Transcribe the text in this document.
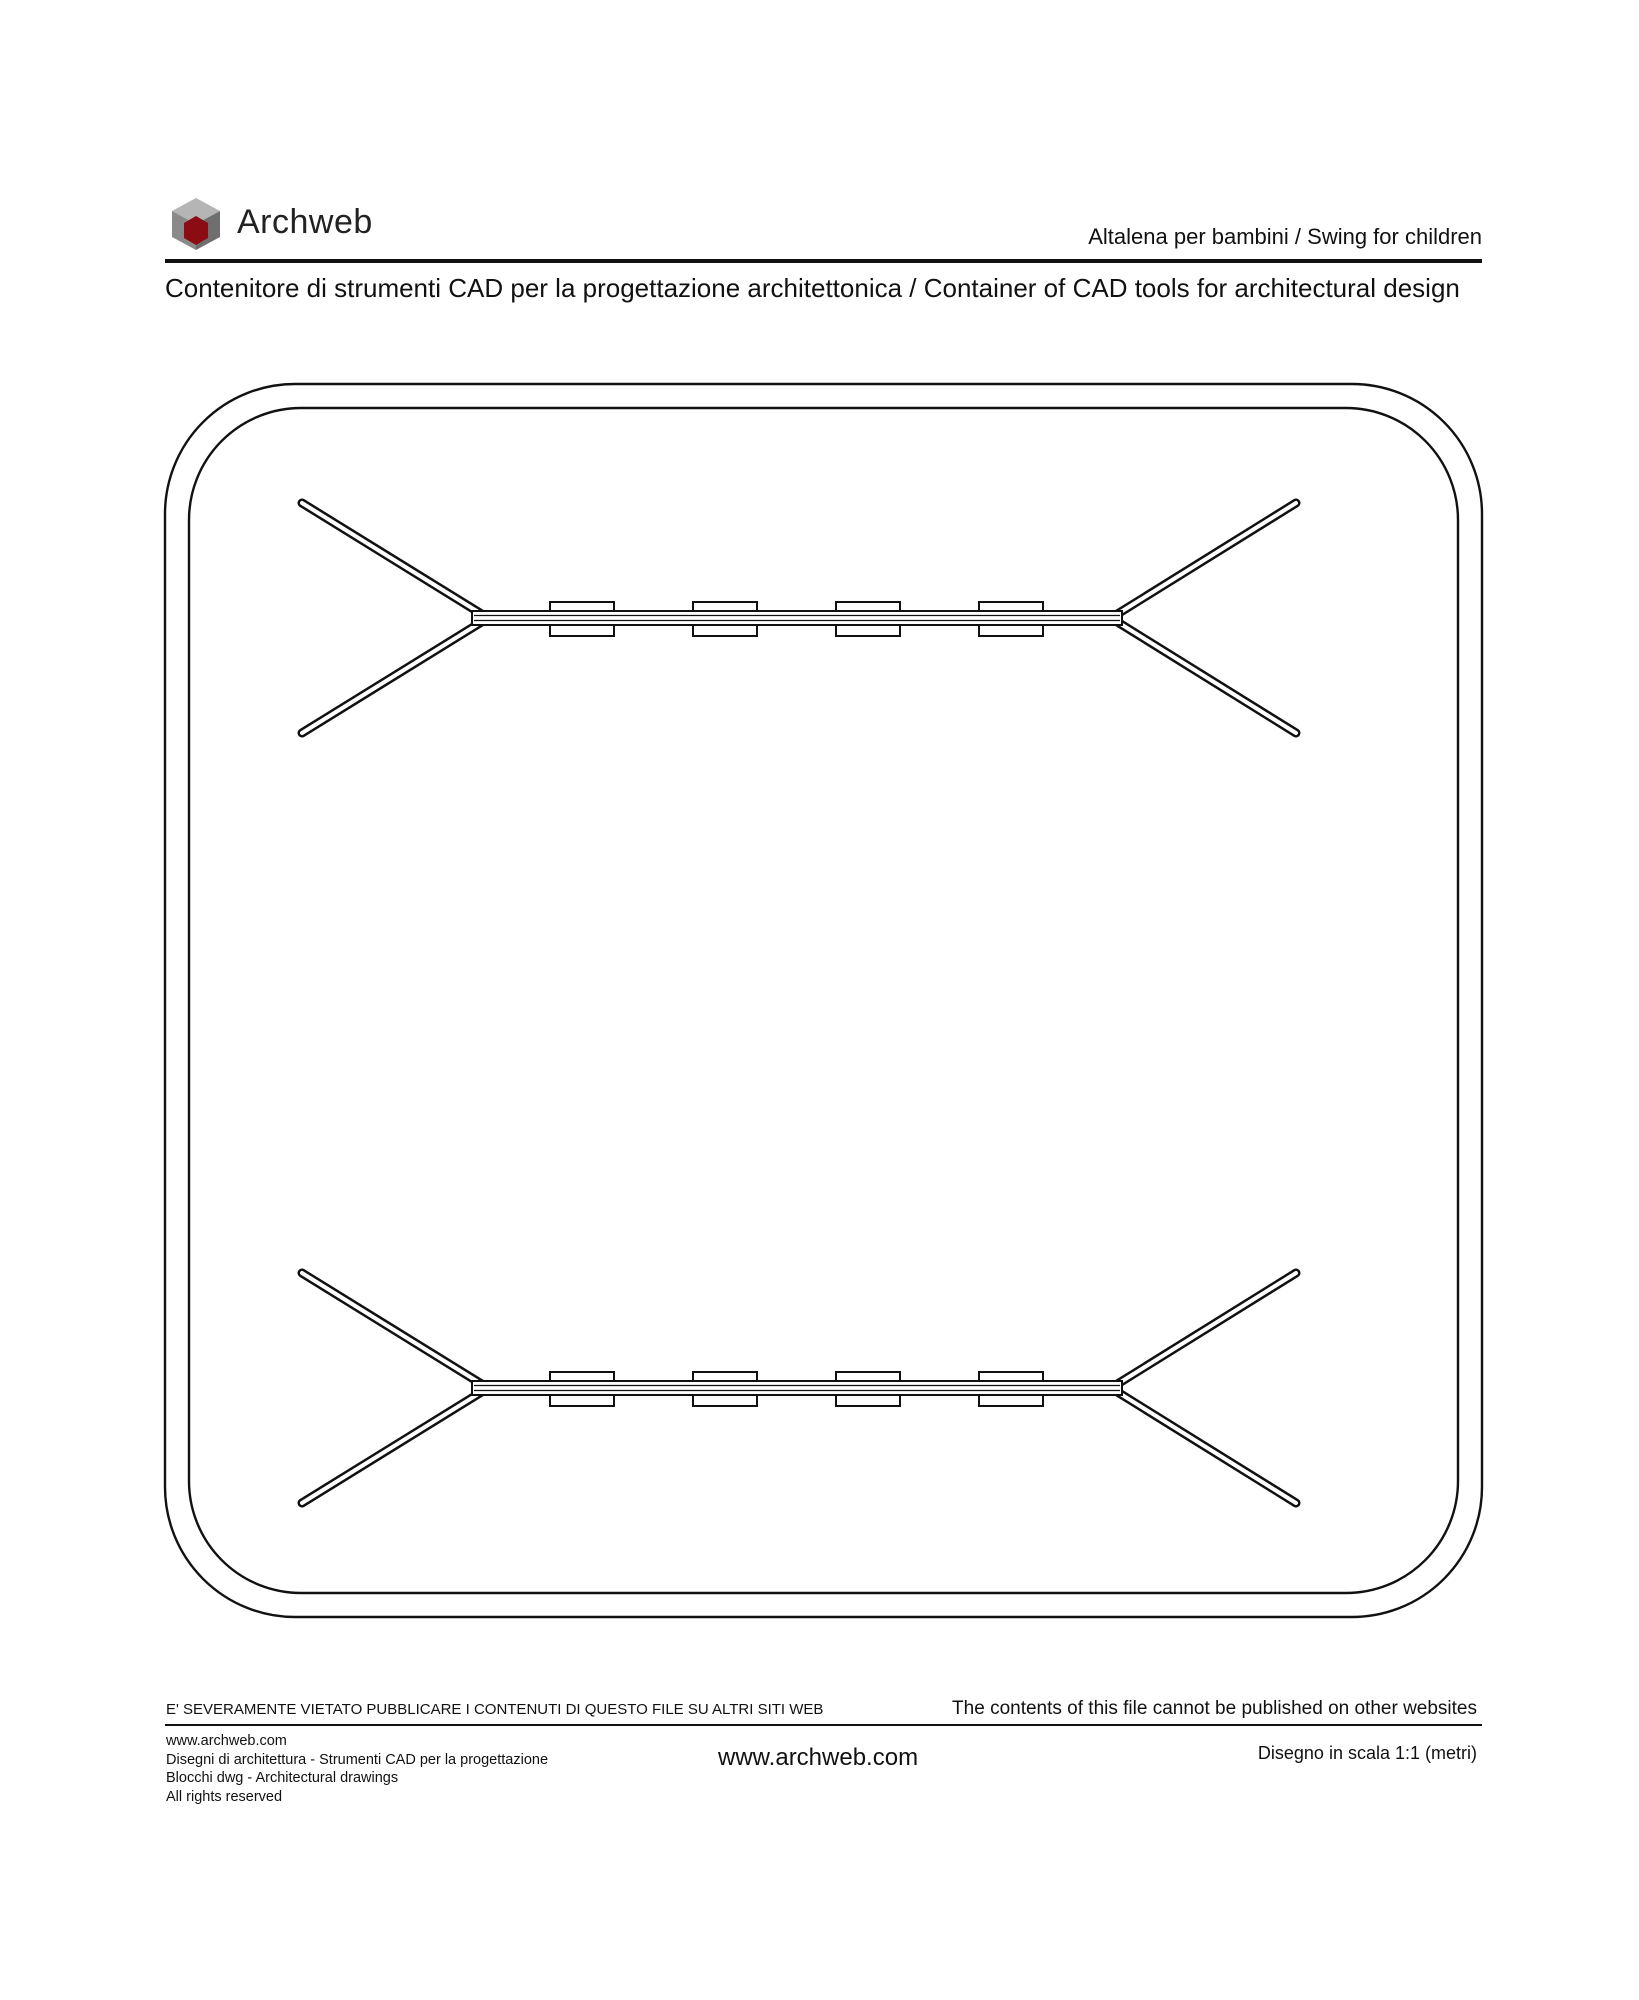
Archweb	Altalena per bambini / Swing for children
Contenitore di strumenti CAD per la progettazione architettonica / Container of CAD tools for architectural design
E' SEVERAMENTE VIETATO PUBBLICARE I CONTENUTI DI QUESTO FILE SU ALTRI SITI WEB	The contents of this file cannot be published on other websites
www.archweb.com
Disegni di architettura - Strumenti CAD per la progettazione
Blocchi dwg - Architectural drawings
All rights reserved
www.archweb.com	Disegno in scala 1:1 (metri)
